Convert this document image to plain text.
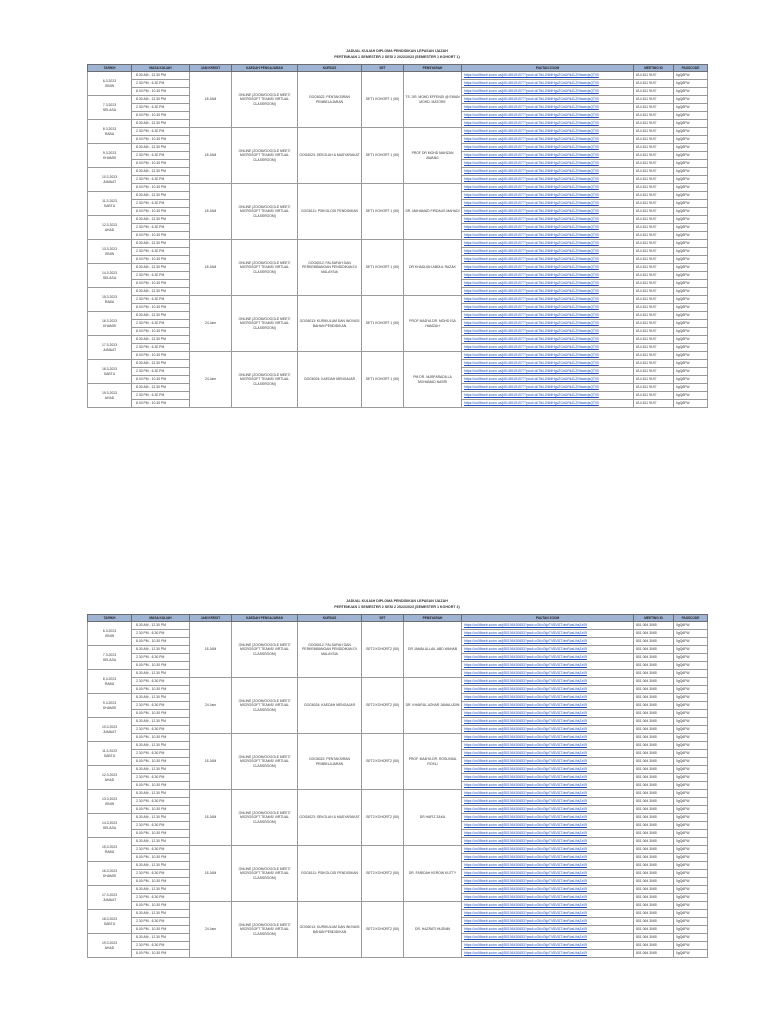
JADUAL KULIAH DIPLOMA PENDIDIKAN LEPASAN IJAZAH
PERTEMUAN 1 SEMESTER 2 SESI 2 2022/2023 (SEMESTER 1 KOHORT 1)
TARIKH	MASA KULIAH	JAM KREDIT	KAEDAH PENGAJARAN	KURSUS	SET	PENSYARAH	PAUTAN ZOOM	MEETING ID	PASSCODE

6.3.2023
ISNIN	8.30 AM - 12.30 PM	18 JAM	ONLINE (ZOOM/GOOGLE MEET/ MICROSOFT TEAMS/ VIRTUAL CLASSROOM)	GOG6022: PENTAKSIRAN PEMBELAJARAN	SET1 KOHORT 1 (50)	TS. DR. MOHD EFFENDI @ EWAN MOHD. MATORE	https://us06web.zoom.us/j/61481191977?pwd=ckTlbL2hIMHgvZGdURkZLZHlwamjsQT09	614 811 9197	0gQ6FW
	2.30 PM - 6.30 PM						https://us06web.zoom.us/j/61481191977?pwd=ckTlbL2hIMHgvZGdURkZLZHlwamjsQT09	614 811 9197	0gQ6FW
	8.00 PM - 10.30 PM						https://us06web.zoom.us/j/61481191977?pwd=ckTlbL2hIMHgvZGdURkZLZHlwamjsQT09	614 811 9197	0gQ6FW

7.3.2023
SELASA	8.30 AM - 12.30 PM						https://us06web.zoom.us/j/61481191977?pwd=ckTlbL2hIMHgvZGdURkZLZHlwamjsQT09	614 811 9197	0gQ6FW
	2.30 PM - 6.30 PM						https://us06web.zoom.us/j/61481191977?pwd=ckTlbL2hIMHgvZGdURkZLZHlwamjsQT09	614 811 9197	0gQ6FW
	8.00 PM - 10.30 PM						https://us06web.zoom.us/j/61481191977?pwd=ckTlbL2hIMHgvZGdURkZLZHlwamjsQT09	614 811 9197	0gQ6FW

8.3.2023
RABU	8.30 AM - 12.30 PM						https://us06web.zoom.us/j/61481191977?pwd=ckTlbL2hIMHgvZGdURkZLZHlwamjsQT09	614 811 9197	0gQ6FW
	2.30 PM - 6.30 PM	18 JAM	ONLINE (ZOOM/GOOGLE MEET/ MICROSOFT TEAMS/ VIRTUAL CLASSROOM)	GOG6023: SEKOLAH & MASYARAKAT	SET1 KOHORT 1 (50)	PROF DR MOHD MAHZAN AWANG	https://us06web.zoom.us/j/61481191977?pwd=ckTlbL2hIMHgvZGdURkZLZHlwamjsQT09	614 811 9197	0gQ6FW
	8.00 PM - 10.30 PM						https://us06web.zoom.us/j/61481191977?pwd=ckTlbL2hIMHgvZGdURkZLZHlwamjsQT09	614 811 9197	0gQ6FW

9.3.2023
KHAMIS	8.30 AM - 12.30 PM						https://us06web.zoom.us/j/61481191977?pwd=ckTlbL2hIMHgvZGdURkZLZHlwamjsQT09	614 811 9197	0gQ6FW
	2.30 PM - 6.30 PM						https://us06web.zoom.us/j/61481191977?pwd=ckTlbL2hIMHgvZGdURkZLZHlwamjsQT09	614 811 9197	0gQ6FW
	8.00 PM - 10.30 PM						https://us06web.zoom.us/j/61481191977?pwd=ckTlbL2hIMHgvZGdURkZLZHlwamjsQT09	614 811 9197	0gQ6FW

10.3.2023
JUMAAT	8.30 AM - 12.30 PM						https://us06web.zoom.us/j/61481191977?pwd=ckTlbL2hIMHgvZGdURkZLZHlwamjsQT09	614 811 9197	0gQ6FW
	2.30 PM - 6.30 PM						https://us06web.zoom.us/j/61481191977?pwd=ckTlbL2hIMHgvZGdURkZLZHlwamjsQT09	614 811 9197	0gQ6FW
	8.00 PM - 10.30 PM	18 JAM	ONLINE (ZOOM/GOOGLE MEET/ MICROSOFT TEAMS/ VIRTUAL CLASSROOM)	GOG6111: PSIKOLOGI PENDIDIKAN	SET1 KOHORT 1 (50)	DR. MAHAMAD FIRDAUS MAHADI	https://us06web.zoom.us/j/61481191977?pwd=ckTlbL2hIMHgvZGdURkZLZHlwamjsQT09	614 811 9197	0gQ6FW

11.3.2023
SABTU	8.30 AM - 12.30 PM						https://us06web.zoom.us/j/61481191977?pwd=ckTlbL2hIMHgvZGdURkZLZHlwamjsQT09	614 811 9197	0gQ6FW
	2.30 PM - 6.30 PM						https://us06web.zoom.us/j/61481191977?pwd=ckTlbL2hIMHgvZGdURkZLZHlwamjsQT09	614 811 9197	0gQ6FW
	8.00 PM - 10.30 PM						https://us06web.zoom.us/j/61481191977?pwd=ckTlbL2hIMHgvZGdURkZLZHlwamjsQT09	614 811 9197	0gQ6FW

12.3.2023
AHAD	8.30 AM - 12.30 PM						https://us06web.zoom.us/j/61481191977?pwd=ckTlbL2hIMHgvZGdURkZLZHlwamjsQT09	614 811 9197	0gQ6FW
	2.30 PM - 6.30 PM						https://us06web.zoom.us/j/61481191977?pwd=ckTlbL2hIMHgvZGdURkZLZHlwamjsQT09	614 811 9197	0gQ6FW
	8.00 PM - 10.30 PM						https://us06web.zoom.us/j/61481191977?pwd=ckTlbL2hIMHgvZGdURkZLZHlwamjsQT09	614 811 9197	0gQ6FW

13.3.2023
ISNIN	8.30 AM - 12.30 PM	18 JAM	ONLINE (ZOOM/GOOGLE MEET/ MICROSOFT TEAMS/ VIRTUAL CLASSROOM)	GOG6012: FALSAFAH DAN PERKEMBANGAN PENDIDIKAN DI MALAYSIA	SET1 KOHORT 1 (50)	DR KHADIJAH ABDUL RAZAK	https://us06web.zoom.us/j/61481191977?pwd=ckTlbL2hIMHgvZGdURkZLZHlwamjsQT09	614 811 9197	0gQ6FW
	2.30 PM - 6.30 PM						https://us06web.zoom.us/j/61481191977?pwd=ckTlbL2hIMHgvZGdURkZLZHlwamjsQT09	614 811 9197	0gQ6FW
	8.00 PM - 10.30 PM						https://us06web.zoom.us/j/61481191977?pwd=ckTlbL2hIMHgvZGdURkZLZHlwamjsQT09	614 811 9197	0gQ6FW

14.3.2023
SELASA	8.30 AM - 12.30 PM						https://us06web.zoom.us/j/61481191977?pwd=ckTlbL2hIMHgvZGdURkZLZHlwamjsQT09	614 811 9197	0gQ6FW
	2.30 PM - 6.30 PM						https://us06web.zoom.us/j/61481191977?pwd=ckTlbL2hIMHgvZGdURkZLZHlwamjsQT09	614 811 9197	0gQ6FW
	8.00 PM - 10.30 PM						https://us06web.zoom.us/j/61481191977?pwd=ckTlbL2hIMHgvZGdURkZLZHlwamjsQT09	614 811 9197	0gQ6FW

15.3.2023
RABU	8.30 AM - 12.30 PM						https://us06web.zoom.us/j/61481191977?pwd=ckTlbL2hIMHgvZGdURkZLZHlwamjsQT09	614 811 9197	0gQ6FW
	2.30 PM - 6.30 PM	24 Jam	ONLINE (ZOOM/GOOGLE MEET/ MICROSOFT TEAMS/ VIRTUAL CLASSROOM)	GOG6013: KURIKULUM DAN INOVASI BAHAN PENDIDIKAN	SET1 KOHORT 1 (50)	PROF MADYA DR. MOHD ISA HAMZAH	https://us06web.zoom.us/j/61481191977?pwd=ckTlbL2hIMHgvZGdURkZLZHlwamjsQT09	614 811 9197	0gQ6FW
	8.00 PM - 10.30 PM						https://us06web.zoom.us/j/61481191977?pwd=ckTlbL2hIMHgvZGdURkZLZHlwamjsQT09	614 811 9197	0gQ6FW

16.3.2023
KHAMIS	8.30 AM - 12.30 PM						https://us06web.zoom.us/j/61481191977?pwd=ckTlbL2hIMHgvZGdURkZLZHlwamjsQT09	614 811 9197	0gQ6FW
	2.30 PM - 6.30 PM						https://us06web.zoom.us/j/61481191977?pwd=ckTlbL2hIMHgvZGdURkZLZHlwamjsQT09	614 811 9197	0gQ6FW
	8.00 PM - 10.30 PM						https://us06web.zoom.us/j/61481191977?pwd=ckTlbL2hIMHgvZGdURkZLZHlwamjsQT09	614 811 9197	0gQ6FW

17.3.2023
JUMAAT	8.30 AM - 12.30 PM						https://us06web.zoom.us/j/61481191977?pwd=ckTlbL2hIMHgvZGdURkZLZHlwamjsQT09	614 811 9197	0gQ6FW
	2.30 PM - 6.30 PM						https://us06web.zoom.us/j/61481191977?pwd=ckTlbL2hIMHgvZGdURkZLZHlwamjsQT09	614 811 9197	0gQ6FW
	8.00 PM - 10.30 PM	24 Jam	ONLINE (ZOOM/GOOGLE MEET/ MICROSOFT TEAMS/ VIRTUAL CLASSROOM)	GOG6024: KAEDAH MENGAJAR	SET1 KOHORT 1 (50)	PM DR. NURFARADILLA MOHAMAD NASRI	https://us06web.zoom.us/j/61481191977?pwd=ckTlbL2hIMHgvZGdURkZLZHlwamjsQT09	614 811 9197	0gQ6FW

18.3.2023
SABTU	8.30 AM - 12.30 PM						https://us06web.zoom.us/j/61481191977?pwd=ckTlbL2hIMHgvZGdURkZLZHlwamjsQT09	614 811 9197	0gQ6FW
	2.30 PM - 6.30 PM						https://us06web.zoom.us/j/61481191977?pwd=ckTlbL2hIMHgvZGdURkZLZHlwamjsQT09	614 811 9197	0gQ6FW
	8.00 PM - 10.30 PM						https://us06web.zoom.us/j/61481191977?pwd=ckTlbL2hIMHgvZGdURkZLZHlwamjsQT09	614 811 9197	0gQ6FW

19.3.2023
AHAD	8.30 AM - 12.30 PM						https://us06web.zoom.us/j/61481191977?pwd=ckTlbL2hIMHgvZGdURkZLZHlwamjsQT09	614 811 9197	0gQ6FW
	2.30 PM - 6.30 PM						https://us06web.zoom.us/j/61481191977?pwd=ckTlbL2hIMHgvZGdURkZLZHlwamjsQT09	614 811 9197	0gQ6FW
	8.00 PM - 10.30 PM						https://us06web.zoom.us/j/61481191977?pwd=ckTlbL2hIMHgvZGdURkZLZHlwamjsQT09	614 811 9197	0gQ6FW
JADUAL KULIAH DIPLOMA PENDIDIKAN LEPASAN IJAZAH
PERTEMUAN 1 SEMESTER 2 SESI 2 2022/2023 (SEMESTER 1 KOHORT 2)
TARIKH	MASA KULIAH	JAM KREDIT	KAEDAH PENGAJARAN	KURSUS	SET	PENSYARAH	PAUTAN ZOOM	MEETING ID	PASSCODE

6.3.2023
ISNIN	8.30 AM - 12.30 PM	18 JAM	ONLINE (ZOOM/GOOGLE MEET/ MICROSOFT TEAMS/ VIRTUAL CLASSROOM)	GOG6012: FALSAFAH DAN PERKEMBANGAN PENDIDIKAN DI MALAYSIA	SET2 KOHORT2 (50)	DR JAMALULLAIL ABD WAHAB	https://us06web.zoom.us/j/80106430653?pwd=cGtIcGtjcTVBVlZTdmRvaUhsZz09	801 064 3065	0gQ6FW
	2.30 PM - 6.30 PM						https://us06web.zoom.us/j/80106430653?pwd=cGtIcGtjcTVBVlZTdmRvaUhsZz09	801 064 3065	0gQ6FW
	8.00 PM - 10.30 PM						https://us06web.zoom.us/j/80106430653?pwd=cGtIcGtjcTVBVlZTdmRvaUhsZz09	801 064 3065	0gQ6FW

7.3.2023
SELASA	8.30 AM - 12.30 PM						https://us06web.zoom.us/j/80106430653?pwd=cGtIcGtjcTVBVlZTdmRvaUhsZz09	801 064 3065	0gQ6FW
	2.30 PM - 6.30 PM						https://us06web.zoom.us/j/80106430653?pwd=cGtIcGtjcTVBVlZTdmRvaUhsZz09	801 064 3065	0gQ6FW
	8.00 PM - 10.30 PM						https://us06web.zoom.us/j/80106430653?pwd=cGtIcGtjcTVBVlZTdmRvaUhsZz09	801 064 3065	0gQ6FW

8.3.2023
RABU	8.30 AM - 12.30 PM						https://us06web.zoom.us/j/80106430653?pwd=cGtIcGtjcTVBVlZTdmRvaUhsZz09	801 064 3065	0gQ6FW
	2.30 PM - 6.30 PM	24 Jam	ONLINE (ZOOM/GOOGLE MEET/ MICROSOFT TEAMS/ VIRTUAL CLASSROOM)	GOG6024: KAEDAH MENGAJAR	SET2 KOHORT2 (50)	DR. KHAIRUL AZHAR JAMALUDIN	https://us06web.zoom.us/j/80106430653?pwd=cGtIcGtjcTVBVlZTdmRvaUhsZz09	801 064 3065	0gQ6FW
	8.00 PM - 10.30 PM						https://us06web.zoom.us/j/80106430653?pwd=cGtIcGtjcTVBVlZTdmRvaUhsZz09	801 064 3065	0gQ6FW

9.3.2023
KHAMIS	8.30 AM - 12.30 PM						https://us06web.zoom.us/j/80106430653?pwd=cGtIcGtjcTVBVlZTdmRvaUhsZz09	801 064 3065	0gQ6FW
	2.30 PM - 6.30 PM						https://us06web.zoom.us/j/80106430653?pwd=cGtIcGtjcTVBVlZTdmRvaUhsZz09	801 064 3065	0gQ6FW
	8.00 PM - 10.30 PM						https://us06web.zoom.us/j/80106430653?pwd=cGtIcGtjcTVBVlZTdmRvaUhsZz09	801 064 3065	0gQ6FW

10.3.2023
JUMAAT	8.30 AM - 12.30 PM						https://us06web.zoom.us/j/80106430653?pwd=cGtIcGtjcTVBVlZTdmRvaUhsZz09	801 064 3065	0gQ6FW
	2.30 PM - 6.30 PM						https://us06web.zoom.us/j/80106430653?pwd=cGtIcGtjcTVBVlZTdmRvaUhsZz09	801 064 3065	0gQ6FW
	8.00 PM - 10.30 PM	18 JAM	ONLINE (ZOOM/GOOGLE MEET/ MICROSOFT TEAMS/ VIRTUAL CLASSROOM)	GOG6022: PENTAKSIRAN PEMBELAJARAN	SET2 KOHORT2 (50)	PROF. MADYA DR. ROSLINDA ROSLI	https://us06web.zoom.us/j/80106430653?pwd=cGtIcGtjcTVBVlZTdmRvaUhsZz09	801 064 3065	0gQ6FW

11.3.2023
SABTU	8.30 AM - 12.30 PM						https://us06web.zoom.us/j/80106430653?pwd=cGtIcGtjcTVBVlZTdmRvaUhsZz09	801 064 3065	0gQ6FW
	2.30 PM - 6.30 PM						https://us06web.zoom.us/j/80106430653?pwd=cGtIcGtjcTVBVlZTdmRvaUhsZz09	801 064 3065	0gQ6FW
	8.00 PM - 10.30 PM						https://us06web.zoom.us/j/80106430653?pwd=cGtIcGtjcTVBVlZTdmRvaUhsZz09	801 064 3065	0gQ6FW

12.3.2023
AHAD	8.30 AM - 12.30 PM						https://us06web.zoom.us/j/80106430653?pwd=cGtIcGtjcTVBVlZTdmRvaUhsZz09	801 064 3065	0gQ6FW
	2.30 PM - 6.30 PM						https://us06web.zoom.us/j/80106430653?pwd=cGtIcGtjcTVBVlZTdmRvaUhsZz09	801 064 3065	0gQ6FW
	8.00 PM - 10.30 PM						https://us06web.zoom.us/j/80106430653?pwd=cGtIcGtjcTVBVlZTdmRvaUhsZz09	801 064 3065	0gQ6FW

13.3.2023
ISNIN	8.30 AM - 12.30 PM	18 JAM	ONLINE (ZOOM/GOOGLE MEET/ MICROSOFT TEAMS/ VIRTUAL CLASSROOM)	GOG6023: SEKOLAH & MASYARAKAT	SET2 KOHORT2 (50)	DR HAFIZ ZAKA	https://us06web.zoom.us/j/80106430653?pwd=cGtIcGtjcTVBVlZTdmRvaUhsZz09	801 064 3065	0gQ6FW
	2.30 PM - 6.30 PM						https://us06web.zoom.us/j/80106430653?pwd=cGtIcGtjcTVBVlZTdmRvaUhsZz09	801 064 3065	0gQ6FW
	8.00 PM - 10.30 PM						https://us06web.zoom.us/j/80106430653?pwd=cGtIcGtjcTVBVlZTdmRvaUhsZz09	801 064 3065	0gQ6FW

14.3.2023
SELASA	8.30 AM - 12.30 PM						https://us06web.zoom.us/j/80106430653?pwd=cGtIcGtjcTVBVlZTdmRvaUhsZz09	801 064 3065	0gQ6FW
	2.30 PM - 6.30 PM						https://us06web.zoom.us/j/80106430653?pwd=cGtIcGtjcTVBVlZTdmRvaUhsZz09	801 064 3065	0gQ6FW
	8.00 PM - 10.30 PM						https://us06web.zoom.us/j/80106430653?pwd=cGtIcGtjcTVBVlZTdmRvaUhsZz09	801 064 3065	0gQ6FW

15.3.2023
RABU	8.30 AM - 12.30 PM						https://us06web.zoom.us/j/80106430653?pwd=cGtIcGtjcTVBVlZTdmRvaUhsZz09	801 064 3065	0gQ6FW
	2.30 PM - 6.30 PM	18 JAM	ONLINE (ZOOM/GOOGLE MEET/ MICROSOFT TEAMS/ VIRTUAL CLASSROOM)	GOG6111: PSIKOLOGI PENDIDIKAN	SET2 KOHORT2 (50)	DR. FARIDAH KEROW KUTTY	https://us06web.zoom.us/j/80106430653?pwd=cGtIcGtjcTVBVlZTdmRvaUhsZz09	801 064 3065	0gQ6FW
	8.00 PM - 10.30 PM						https://us06web.zoom.us/j/80106430653?pwd=cGtIcGtjcTVBVlZTdmRvaUhsZz09	801 064 3065	0gQ6FW

16.3.2023
KHAMIS	8.30 AM - 12.30 PM						https://us06web.zoom.us/j/80106430653?pwd=cGtIcGtjcTVBVlZTdmRvaUhsZz09	801 064 3065	0gQ6FW
	2.30 PM - 6.30 PM						https://us06web.zoom.us/j/80106430653?pwd=cGtIcGtjcTVBVlZTdmRvaUhsZz09	801 064 3065	0gQ6FW
	8.00 PM - 10.30 PM						https://us06web.zoom.us/j/80106430653?pwd=cGtIcGtjcTVBVlZTdmRvaUhsZz09	801 064 3065	0gQ6FW

17.3.2023
JUMAAT	8.30 AM - 12.30 PM						https://us06web.zoom.us/j/80106430653?pwd=cGtIcGtjcTVBVlZTdmRvaUhsZz09	801 064 3065	0gQ6FW
	2.30 PM - 6.30 PM						https://us06web.zoom.us/j/80106430653?pwd=cGtIcGtjcTVBVlZTdmRvaUhsZz09	801 064 3065	0gQ6FW
	8.00 PM - 10.30 PM	24 Jam	ONLINE (ZOOM/GOOGLE MEET/ MICROSOFT TEAMS/ VIRTUAL CLASSROOM)	GOG6013: KURIKULUM DAN INOVASI BAHAN PENDIDIKAN	SET2 KOHORT2 (50)	DR. HAZRATI HUSNIN	https://us06web.zoom.us/j/80106430653?pwd=cGtIcGtjcTVBVlZTdmRvaUhsZz09	801 064 3065	0gQ6FW

18.3.2023
SABTU	8.30 AM - 12.30 PM						https://us06web.zoom.us/j/80106430653?pwd=cGtIcGtjcTVBVlZTdmRvaUhsZz09	801 064 3065	0gQ6FW
	2.30 PM - 6.30 PM						https://us06web.zoom.us/j/80106430653?pwd=cGtIcGtjcTVBVlZTdmRvaUhsZz09	801 064 3065	0gQ6FW
	8.00 PM - 10.30 PM						https://us06web.zoom.us/j/80106430653?pwd=cGtIcGtjcTVBVlZTdmRvaUhsZz09	801 064 3065	0gQ6FW

19.3.2023
AHAD	8.30 AM - 12.30 PM						https://us06web.zoom.us/j/80106430653?pwd=cGtIcGtjcTVBVlZTdmRvaUhsZz09	801 064 3065	0gQ6FW
	2.30 PM - 6.30 PM						https://us06web.zoom.us/j/80106430653?pwd=cGtIcGtjcTVBVlZTdmRvaUhsZz09	801 064 3065	0gQ6FW
	8.00 PM - 10.30 PM						https://us06web.zoom.us/j/80106430653?pwd=cGtIcGtjcTVBVlZTdmRvaUhsZz09	801 064 3065	0gQ6FW
